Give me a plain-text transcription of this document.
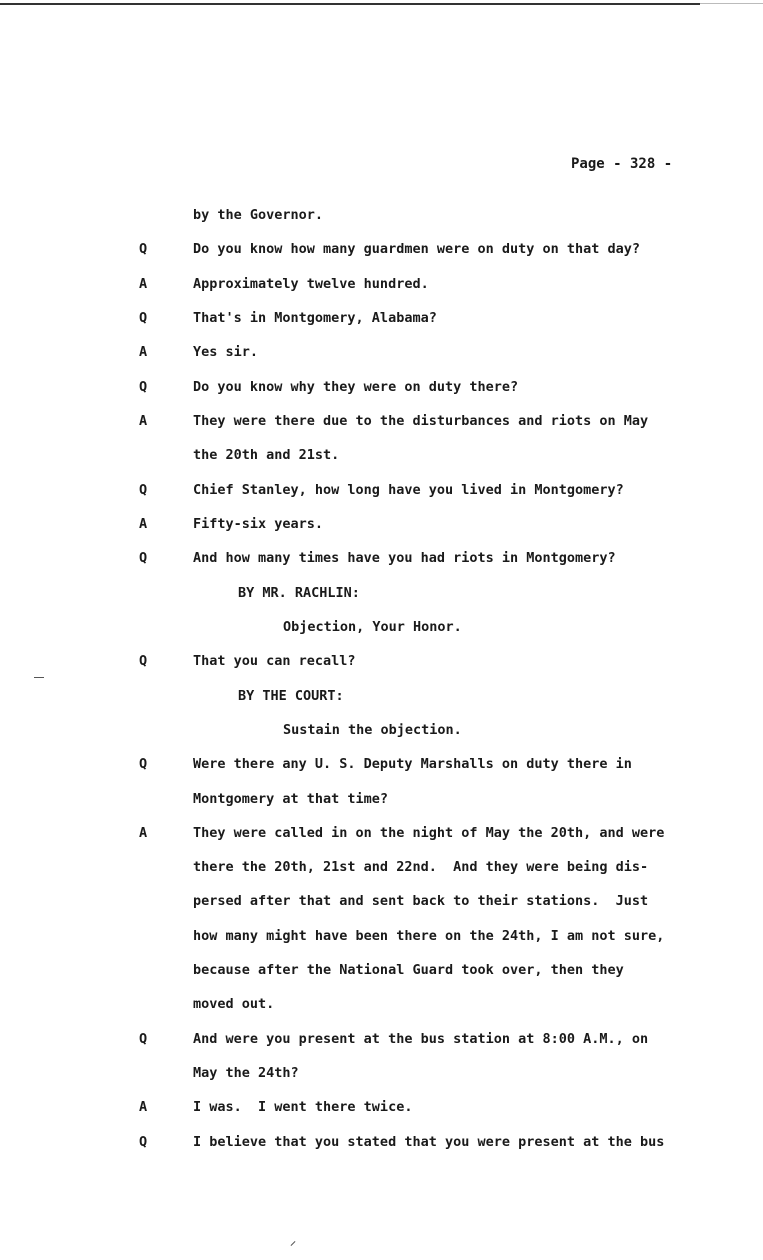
Page - 328 -
by the Governor.
Q	Do you know how many guardmen were on duty on that day?
A	Approximately twelve hundred.
Q	That's in Montgomery, Alabama?
A	Yes sir.
Q	Do you know why they were on duty there?
A	They were there due to the disturbances and riots on May
the 20th and 21st.
Q	Chief Stanley, how long have you lived in Montgomery?
A	Fifty-six years.
Q	And how many times have you had riots in Montgomery?
BY MR. RACHLIN:
Objection, Your Honor.
Q	That you can recall?
BY THE COURT:
Sustain the objection.
Q	Were there any U. S. Deputy Marshalls on duty there in
Montgomery at that time?
A	They were called in on the night of May the 20th, and were
there the 20th, 21st and 22nd.  And they were being dis-
persed after that and sent back to their stations.  Just
how many might have been there on the 24th, I am not sure,
because after the National Guard took over, then they
moved out.
Q	And were you present at the bus station at 8:00 A.M., on
May the 24th?
A	I was.  I went there twice.
Q	I believe that you stated that you were present at the bus
